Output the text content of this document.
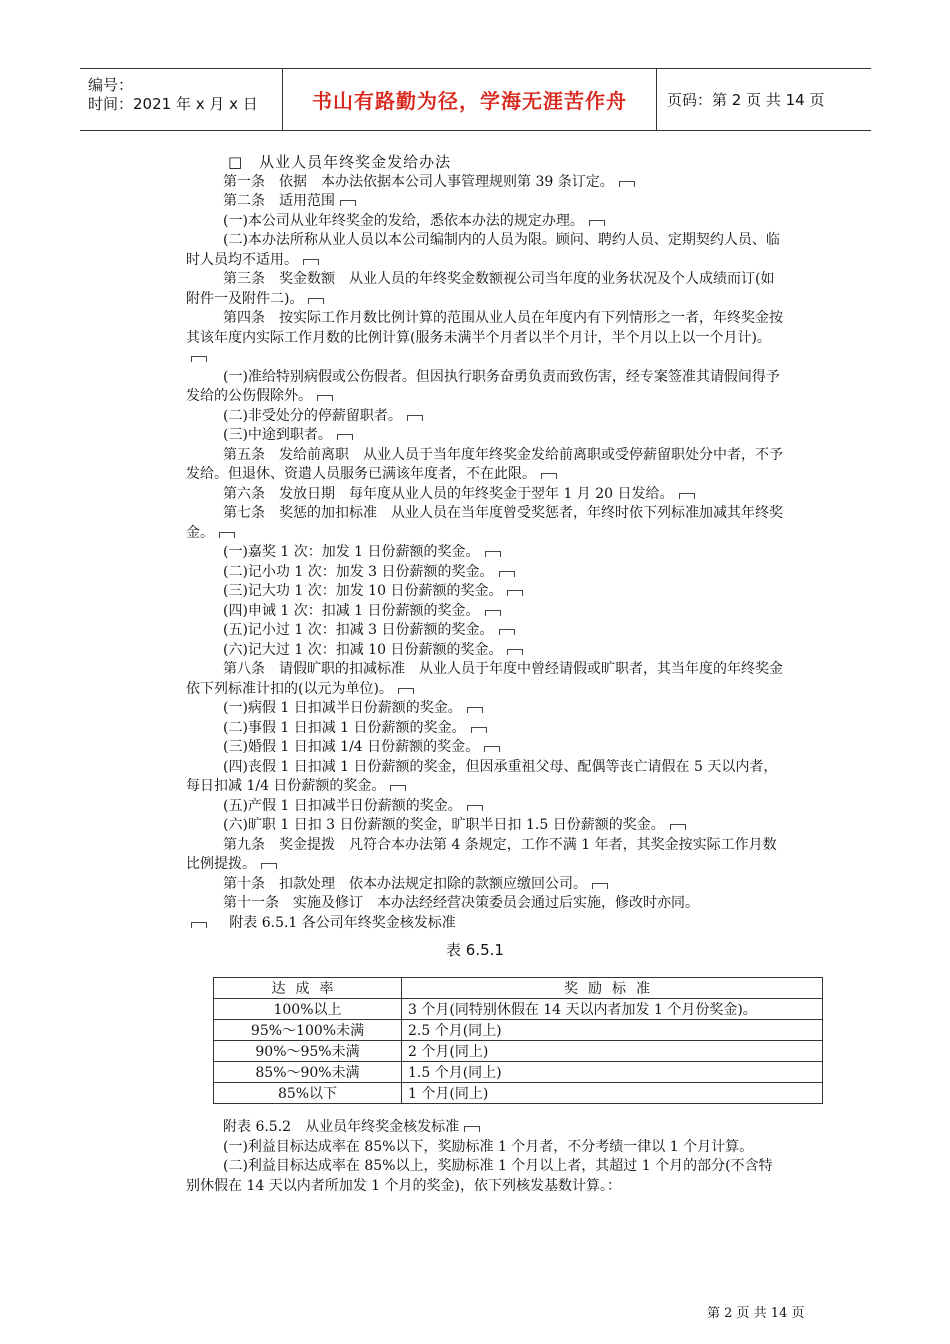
编号：
时间：2021 年 x 月 x 日	书山有路勤为径，学海无涯苦作舟	页码：第 2 页 共 14 页

□　从业人员年终奖金发给办法

第一条　依据　本办法依据本公司人事管理规则第 39 条订定。

第二条　适用范围

(一)本公司从业年终奖金的发给，悉依本办法的规定办理。

(二)本办法所称从业人员以本公司编制内的人员为限。顾问、聘约人员、定期契约人员、临时人员均不适用。

第三条　奖金数额　从业人员的年终奖金数额视公司当年度的业务状况及个人成绩而订(如附件一及附件二)。

第四条　按实际工作月数比例计算的范围从业人员在年度内有下列情形之一者，年终奖金按其该年度内实际工作月数的比例计算(服务未满半个月者以半个月计，半个月以上以一个月计)。

(一)准给特别病假或公伤假者。但因执行职务奋勇负责而致伤害，经专案签准其请假间得予发给的公伤假除外。

(二)非受处分的停薪留职者。

(三)中途到职者。

第五条　发给前离职　从业人员于当年度年终奖金发给前离职或受停薪留职处分中者，不予发给。但退休、资遣人员服务已满该年度者，不在此限。

第六条　发放日期　每年度从业人员的年终奖金于翌年 1 月 20 日发给。

第七条　奖惩的加扣标准　从业人员在当年度曾受奖惩者，年终时依下列标准加减其年终奖金。

(一)嘉奖 1 次：加发 1 日份薪额的奖金。

(二)记小功 1 次：加发 3 日份薪额的奖金。

(三)记大功 1 次：加发 10 日份薪额的奖金。

(四)申诫 1 次：扣减 1 日份薪额的奖金。

(五)记小过 1 次：扣减 3 日份薪额的奖金。

(六)记大过 1 次：扣减 10 日份薪额的奖金。

第八条　请假旷职的扣减标准　从业人员于年度中曾经请假或旷职者，其当年度的年终奖金依下列标准计扣的(以元为单位)。

(一)病假 1 日扣减半日份薪额的奖金。

(二)事假 1 日扣减 1 日份薪额的奖金。

(三)婚假 1 日扣减 1/4 日份薪额的奖金。

(四)丧假 1 日扣减 1 日份薪额的奖金，但因承重祖父母、配偶等丧亡请假在 5 天以内者，每日扣减 1/4 日份薪额的奖金。

(五)产假 1 日扣减半日份薪额的奖金。

(六)旷职 1 日扣 3 日份薪额的奖金，旷职半日扣 1.5 日份薪额的奖金。

第九条　奖金提拨　凡符合本办法第 4 条规定，工作不满 1 年者，其奖金按实际工作月数比例提拨。

第十条　扣款处理　依本办法规定扣除的款额应缴回公司。

第十一条　实施及修订　本办法经经营决策委员会通过后实施，修改时亦同。

附表 6.5.1 各公司年终奖金核发标准

表 6.5.1
达成率	奖励标准
100%以上	3 个月(同特别休假在 14 天以内者加发 1 个月份奖金)。
95%～100%未满	2.5 个月(同上)
90%～95%未满	2 个月(同上)
85%～90%未满	1.5 个月(同上)
85%以下	1 个月(同上)

附表 6.5.2　从业员年终奖金核发标准

(一)利益目标达成率在 85%以下，奖励标准 1 个月者，不分考绩一律以 1 个月计算。

(二)利益目标达成率在 85%以上，奖励标准 1 个月以上者，其超过 1 个月的部分(不含特别休假在 14 天以内者所加发 1 个月的奖金)，依下列核发基数计算。：

第 2 页 共 14 页
